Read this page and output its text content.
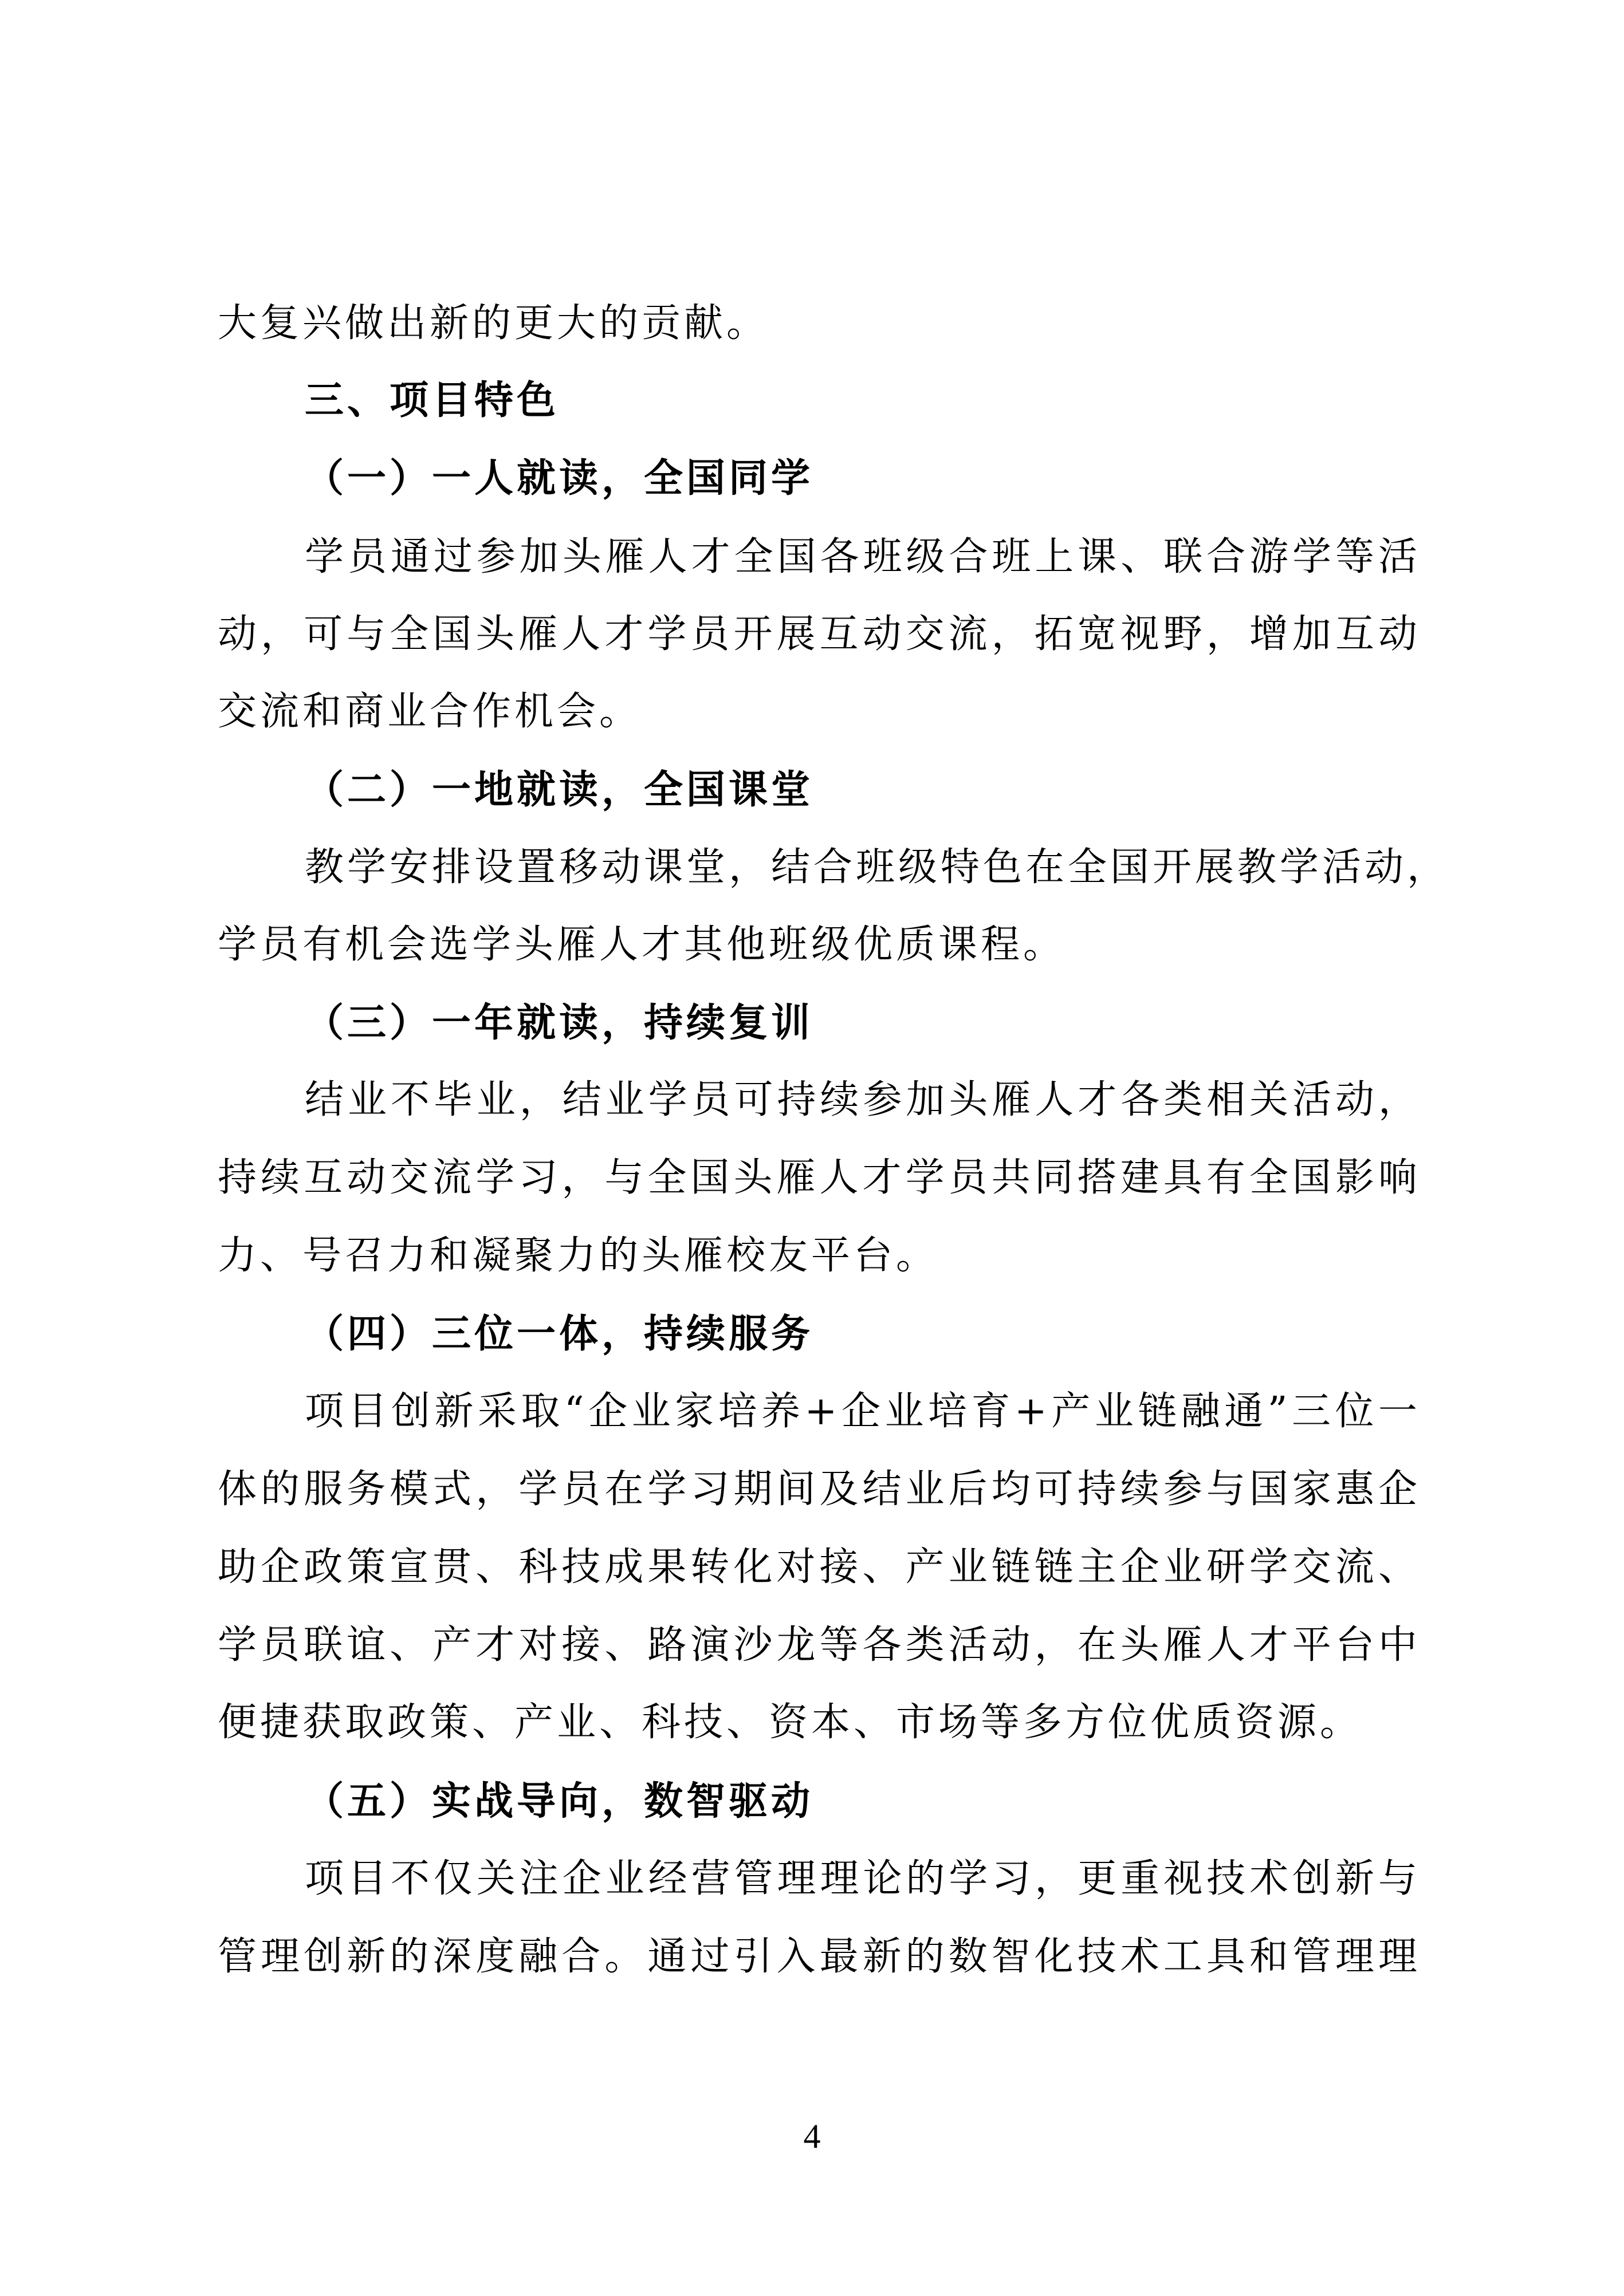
大复兴做出新的更大的贡献。
三、项目特色
（一）一人就读，全国同学
学员通过参加头雁人才全国各班级合班上课、联合游学等活
动，可与全国头雁人才学员开展互动交流，拓宽视野，增加互动
交流和商业合作机会。
（二）一地就读，全国课堂
教学安排设置移动课堂，结合班级特色在全国开展教学活动，
学员有机会选学头雁人才其他班级优质课程。
（三）一年就读，持续复训
结业不毕业，结业学员可持续参加头雁人才各类相关活动，
持续互动交流学习，与全国头雁人才学员共同搭建具有全国影响
力、号召力和凝聚力的头雁校友平台。
（四）三位一体，持续服务
项目创新采取“企业家培养+企业培育+产业链融通”三位一
体的服务模式，学员在学习期间及结业后均可持续参与国家惠企
助企政策宣贯、科技成果转化对接、产业链链主企业研学交流、
学员联谊、产才对接、路演沙龙等各类活动，在头雁人才平台中
便捷获取政策、产业、科技、资本、市场等多方位优质资源。
（五）实战导向，数智驱动
项目不仅关注企业经营管理理论的学习，更重视技术创新与
管理创新的深度融合。通过引入最新的数智化技术工具和管理理
4
